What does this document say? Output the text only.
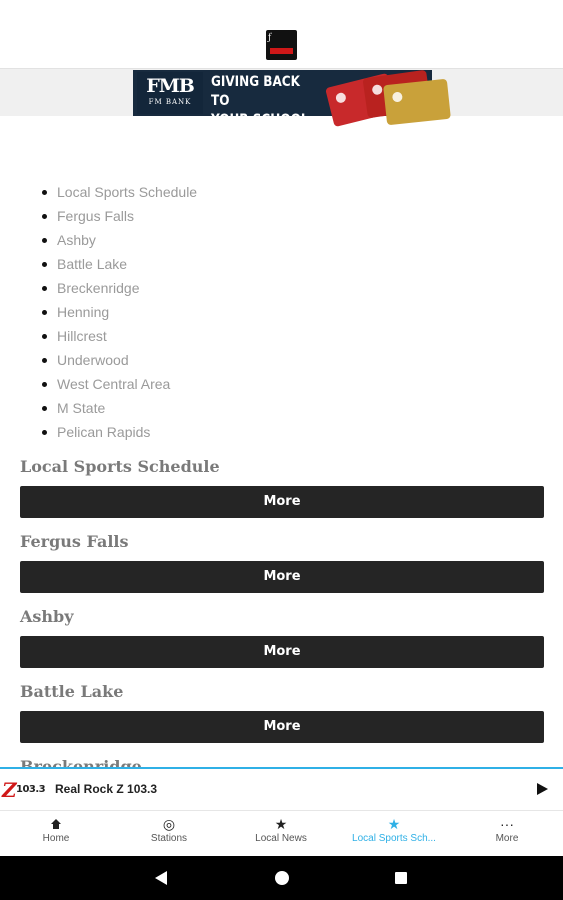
ƒ
FMB
FM BANK
GIVING BACK TO
YOUR SCHOOL.
Local Sports Schedule
Fergus Falls
Ashby
Battle Lake
Breckenridge
Henning
Hillcrest
Underwood
West Central Area
M State
Pelican Rapids
Local Sports Schedule
More
Fergus Falls
More
Ashby
More
Battle Lake
More
Z 103.3 Real Rock Z 103.3
Home
◎
Stations
★
Local News
★
Local Sports Sch...
···
More
